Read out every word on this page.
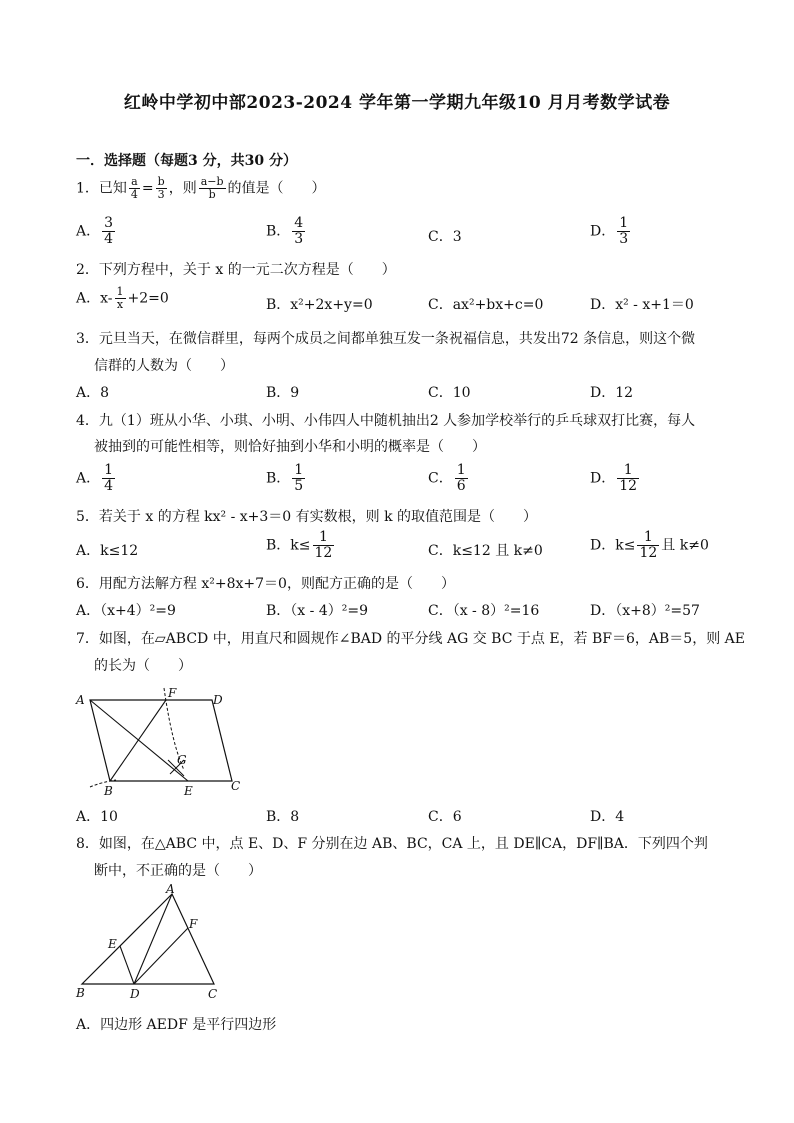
红岭中学初中部2023-2024 学年第一学期九年级10 月月考数学试卷
一．选择题（每题3 分，共30 分）
1．已知 $\frac{a}{4} = \frac{b}{3}$ ，则 $\frac{a-b}{b}$ 的值是（　　）
A． $\frac{3}{4}$	B． $\frac{4}{3}$	C．3	D． $\frac{1}{3}$
2．下列方程中，关于 x 的一元二次方程是（　　）
A．$x- \frac{1}{x} +2=0$	B．x²+2x+y=0	C．ax²+bx+c=0	D．x² - x+1＝0
3．元旦当天，在微信群里，每两个成员之间都单独互发一条祝福信息，共发出72 条信息，则这个微
信群的人数为（　　）
A．8	B．9	C．10	D．12
4．九（1）班从小华、小琪、小明、小伟四人中随机抽出2 人参加学校举行的乒乓球双打比赛，每人
被抽到的可能性相等，则恰好抽到小华和小明的概率是（　　）
A． $\frac{1}{4}$	B． $\frac{1}{5}$	C． $\frac{1}{6}$	D． $\frac{1}{12}$
5．若关于 x 的方程 kx² - x+3＝0 有实数根，则 k 的取值范围是（　　）
A．k≤12	B．$k\le \frac{1}{12}$	C．k≤12 且 k≠0	D．$k\le \frac{1}{12}$ 且 k≠0
6．用配方法解方程 x²+8x+7＝0，则配方正确的是（　　）
A．（x+4）²=9	B．（x - 4）²=9	C．（x - 8）²=16	D．（x+8）²=57
7．如图，在▱ABCD 中，用直尺和圆规作∠BAD 的平分线 AG 交 BC 于点 E，若 BF＝6，AB＝5，则 AE
的长为（　　）
A	F	D
G
B	E	C
A．10	B．8	C．6	D．4
8．如图，在△ABC 中，点 E、D、F 分别在边 AB、BC，CA 上，且 DE∥CA，DF∥BA．下列四个判
断中，不正确的是（　　）
A
E
F
B	D	C
A．四边形 AEDF 是平行四边形
